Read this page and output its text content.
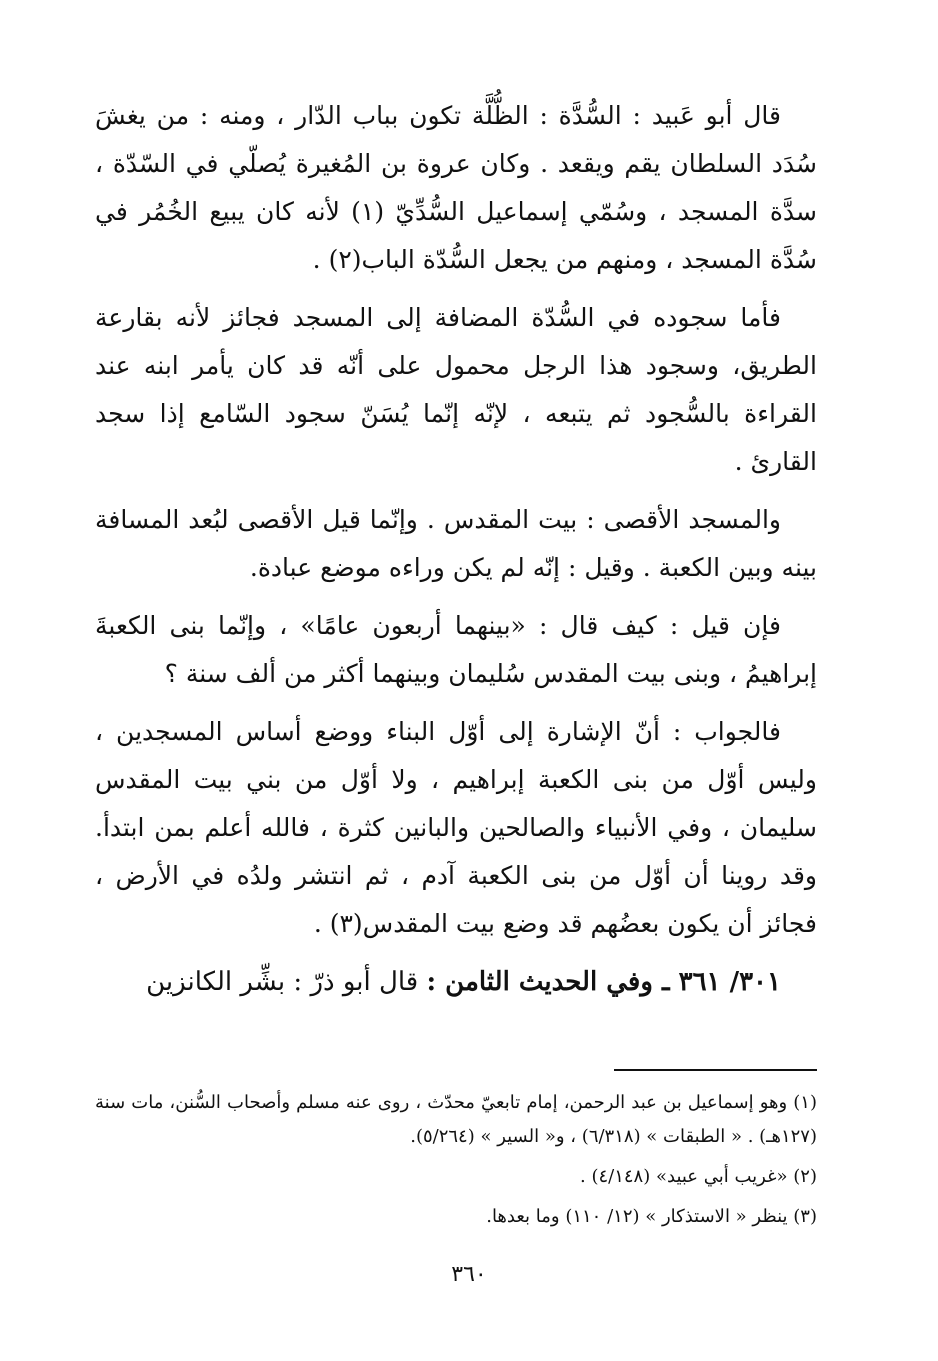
قال أبو عَبيد : السُّدَّة : الظُّلَّة تكون بباب الدّار ، ومنه : من يغشَ سُدَد السلطان يقم ويقعد . وكان عروة بن المُغيرة يُصلّي في السّدّة ، سدَّة المسجد ، وسُمّي إسماعيل السُّدِّيّ (١) لأنه كان يبيع الخُمُر في سُدَّة المسجد ، ومنهم من يجعل السُّدّة الباب(٢) .

فأما سجوده في السُّدّة المضافة إلى المسجد فجائز لأنه بقارعة الطريق، وسجود هذا الرجل محمول على أنّه قد كان يأمر ابنه عند القراءة بالسُّجود ثم يتبعه ، لإنّه إنّما يُسَنّ سجود السّامع إذا سجد القارئ .

والمسجد الأقصى : بيت المقدس . وإنّما قيل الأقصى لبُعد المسافة بينه وبين الكعبة . وقيل : إنّه لم يكن وراءه موضع عبادة.

فإن قيل : كيف قال : «بينهما أربعون عامًا» ، وإنّما بنى الكعبةَ إبراهيمُ ، وبنى بيت المقدس سُليمان وبينهما أكثر من ألف سنة ؟

فالجواب : أنّ الإشارة إلى أوّل البناء ووضع أساس المسجدين ، وليس أوّل من بنى الكعبة إبراهيم ، ولا أوّل من بني بيت المقدس سليمان ، وفي الأنبياء والصالحين والبانين كثرة ، فالله أعلم بمن ابتدأ. وقد روينا أن أوّل من بنى الكعبة آدم ، ثم انتشر ولدُه في الأرض ، فجائز أن يكون بعضُهم قد وضع بيت المقدس(٣) .

٣٠١/ ٣٦١ ـ وفي الحديث الثامن : قال أبو ذرّ : بشِّر الكانزين

(١) وهو إسماعيل بن عبد الرحمن، إمام تابعيّ محدّث ، روى عنه مسلم وأصحاب السُّنن، مات سنة (١٢٧هـ) . « الطبقات » (٦/٣١٨) ، و« السير » (٥/٢٦٤).

(٢) «غريب أبي عبيد» (٤/١٤٨) .

(٣) ينظر « الاستذكار » (١٢/ ١١٠) وما بعدها.

٣٦٠
